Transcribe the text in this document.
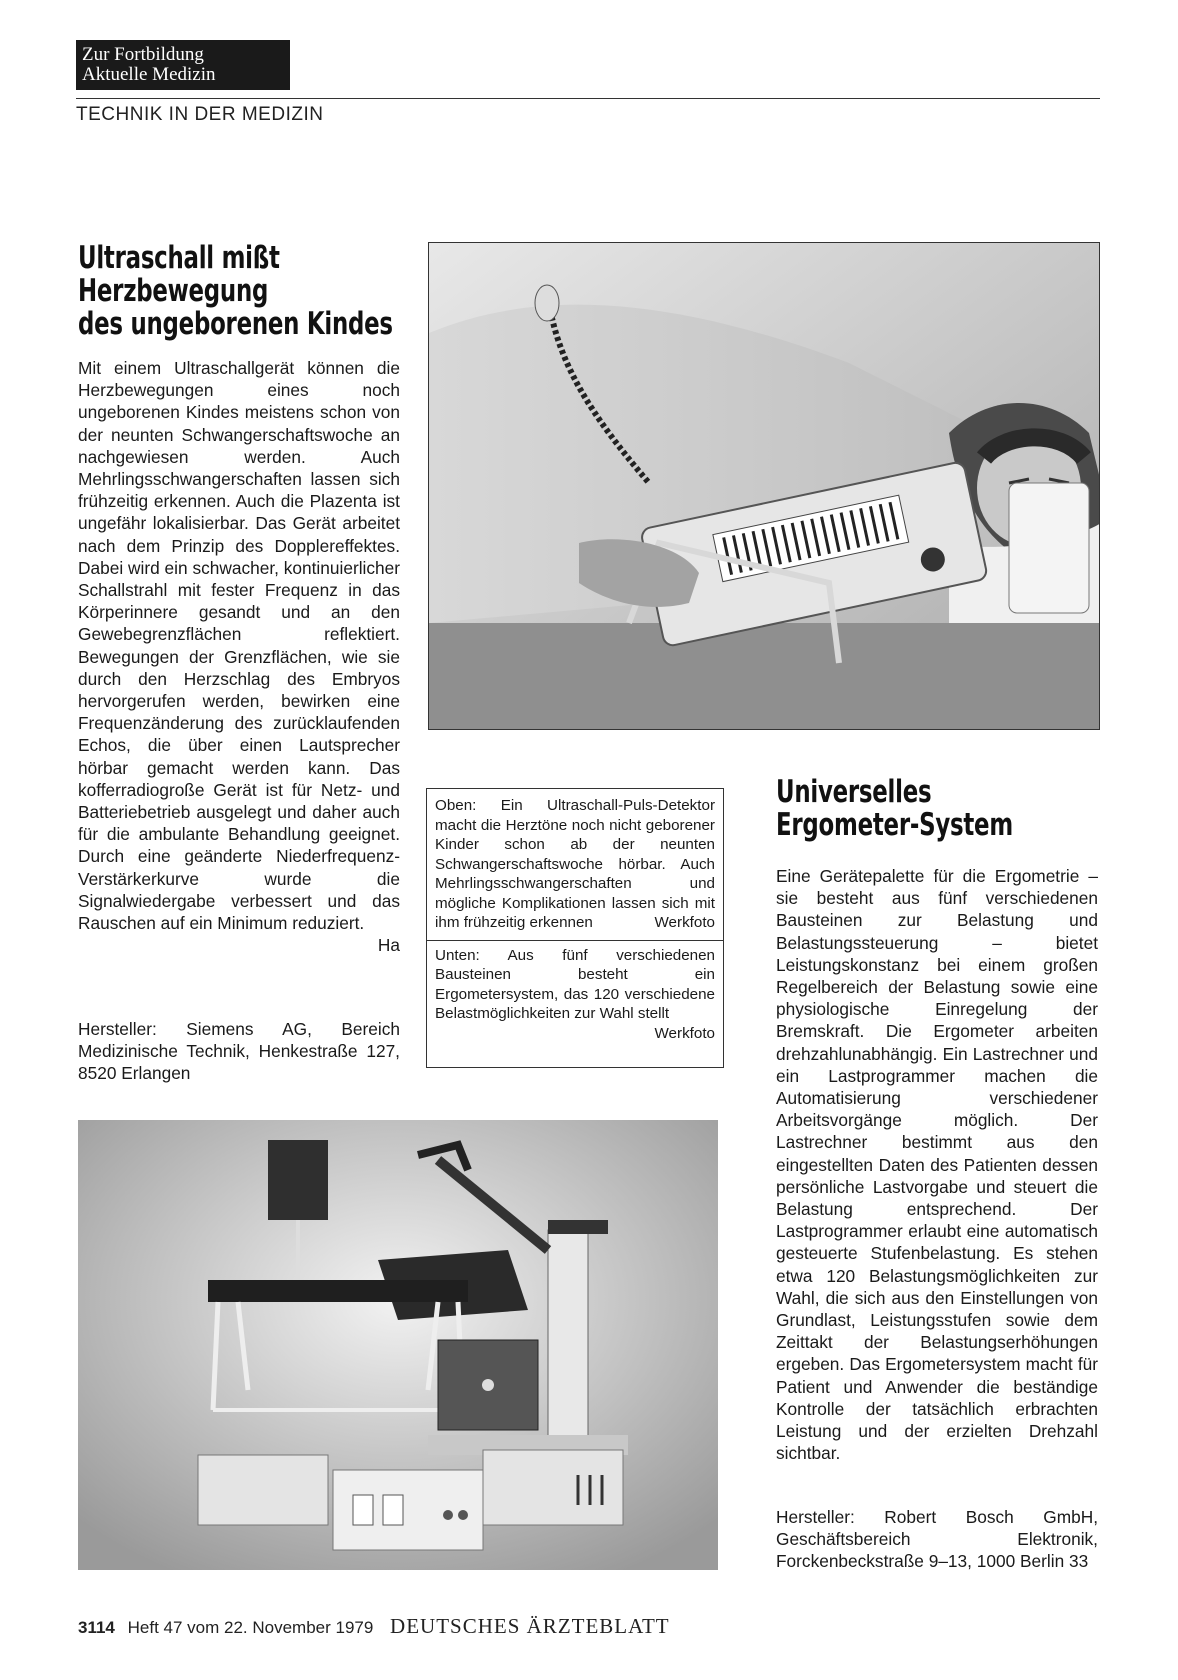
Zur Fortbildung
Aktuelle Medizin
TECHNIK IN DER MEDIZIN
Ultraschall mißt
Herzbewegung
des ungeborenen Kindes
Mit einem Ultraschallgerät können die Herzbewegungen eines noch ungeborenen Kindes meistens schon von der neunten Schwangerschaftswoche an nachgewiesen werden. Auch Mehrlingsschwangerschaften lassen sich frühzeitig erkennen. Auch die Plazenta ist ungefähr lokalisierbar. Das Gerät arbeitet nach dem Prinzip des Dopplereffektes. Dabei wird ein schwacher, kontinuierlicher Schallstrahl mit fester Frequenz in das Körperinnere gesandt und an den Gewebegrenzflächen reflektiert. Bewegungen der Grenzflächen, wie sie durch den Herzschlag des Embryos hervorgerufen werden, bewirken eine Frequenzänderung des zurücklaufenden Echos, die über einen Lautsprecher hörbar gemacht werden kann. Das kofferradiogroße Gerät ist für Netz- und Batteriebetrieb ausgelegt und daher auch für die ambulante Behandlung geeignet. Durch eine geänderte Niederfrequenz-Verstärkerkurve wurde die Signalwiedergabe verbessert und das Rauschen auf ein Minimum reduziert.
Ha
Hersteller: Siemens AG, Bereich Medizinische Technik, Henkestraße 127, 8520 Erlangen
Oben: Ein Ultraschall-Puls-Detektor macht die Herztöne noch nicht geborener Kinder schon ab der neunten Schwangerschaftswoche hörbar. Auch Mehrlingsschwangerschaften und mögliche Komplikationen lassen sich mit ihm frühzeitig erkennen	Werkfoto
Unten: Aus fünf verschiedenen Bausteinen besteht ein Ergometersystem, das 120 verschiedene Belastmöglichkeiten zur Wahl stellt
Werkfoto
Universelles
Ergometer-System
Eine Gerätepalette für die Ergometrie – sie besteht aus fünf verschiedenen Bausteinen zur Belastung und Belastungssteuerung – bietet Leistungskonstanz bei einem großen Regelbereich der Belastung sowie eine physiologische Einregelung der Bremskraft. Die Ergometer arbeiten drehzahlunabhängig. Ein Lastrechner und ein Lastprogrammer machen die Automatisierung verschiedener Arbeitsvorgänge möglich. Der Lastrechner bestimmt aus den eingestellten Daten des Patienten dessen persönliche Lastvorgabe und steuert die Belastung entsprechend. Der Lastprogrammer erlaubt eine automatisch gesteuerte Stufenbelastung. Es stehen etwa 120 Belastungsmöglichkeiten zur Wahl, die sich aus den Einstellungen von Grundlast, Leistungsstufen sowie dem Zeittakt der Belastungserhöhungen ergeben. Das Ergometersystem macht für Patient und Anwender die beständige Kontrolle der tatsächlich erbrachten Leistung und der erzielten Drehzahl sichtbar.
Hersteller: Robert Bosch GmbH, Geschäftsbereich Elektronik, Forckenbeckstraße 9–13, 1000 Berlin 33
3114 Heft 47 vom 22. November 1979 DEUTSCHES ÄRZTEBLATT
